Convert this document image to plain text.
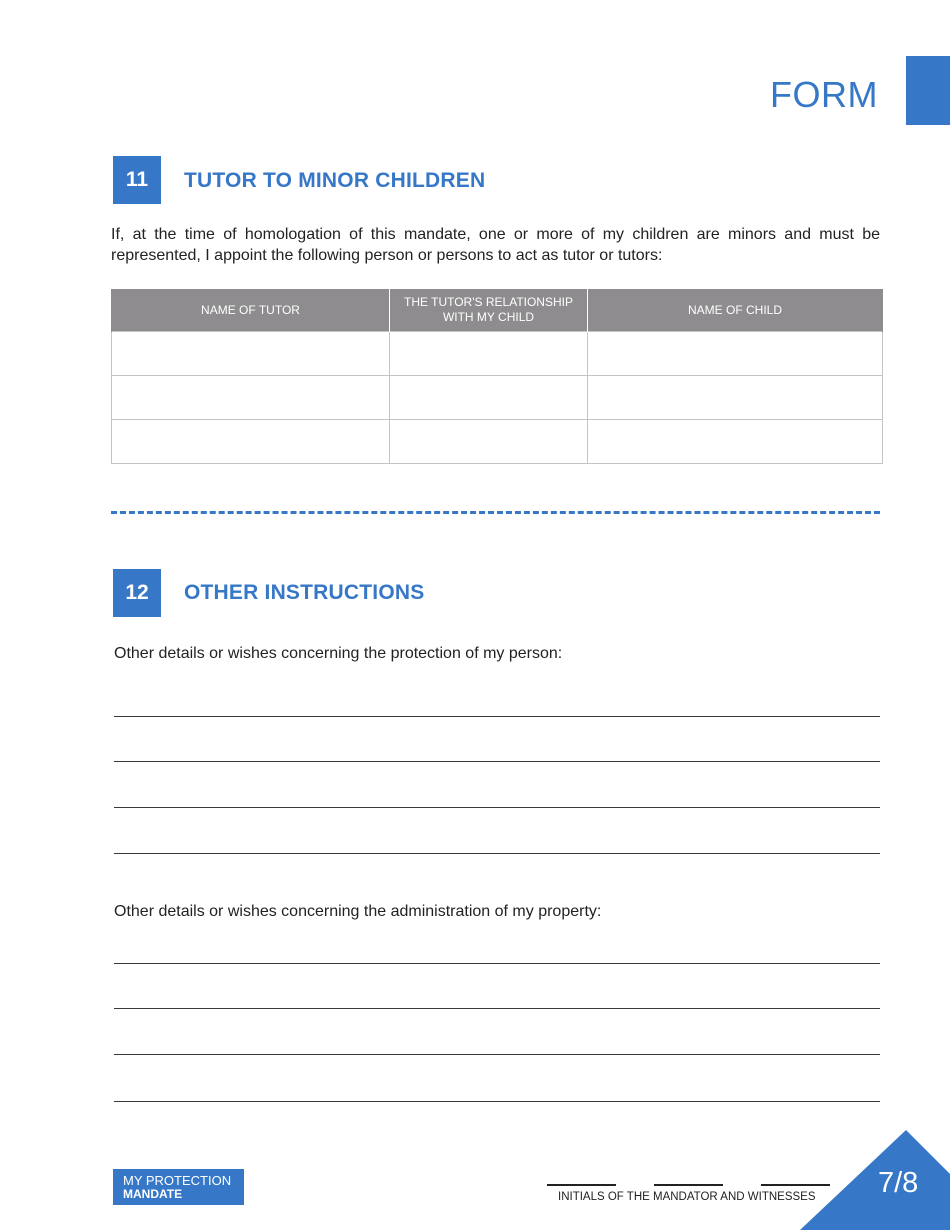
FORM
11	TUTOR TO MINOR CHILDREN
If, at the time of homologation of this mandate, one or more of my children are minors and must be represented, I appoint the following person or persons to act as tutor or tutors:
NAME OF TUTOR	THE TUTOR'S RELATIONSHIP WITH MY CHILD	NAME OF CHILD

12	OTHER INSTRUCTIONS
Other details or wishes concerning the protection of my person:
Other details or wishes concerning the administration of my property:
MY PROTECTION
MANDATE	INITIALS OF THE MANDATOR AND WITNESSES 7/8
